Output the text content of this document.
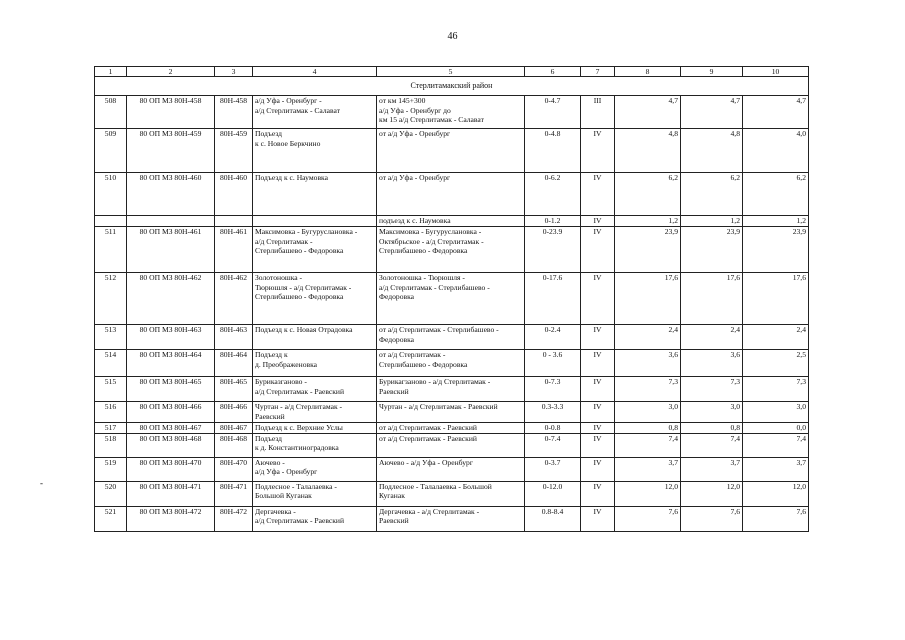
46
-
1	2	3	4	5	6	7	8	9	10
Стерлитамакский район									
508	80 ОП МЗ 80Н-458	80Н-458	а/д Уфа - Оренбург -
а/д Стерлитамак - Салават	от км 145+300
а/д Уфа - Оренбург до
км 15 а/д Стерлитамак - Салават	0-4.7	III	4,7	4,7	4,7
509	80 ОП МЗ 80Н-459	80Н-459	Подъезд
к с. Новое Беркчино	от а/д Уфа - Оренбург	0-4.8	IV	4,8	4,8	4,0
510	80 ОП МЗ 80Н-460	80Н-460	Подъезд к с. Наумовка	от а/д Уфа - Оренбург	0-6.2	IV	6,2	6,2	6,2
				подъезд к с. Наумовка	0-1.2	IV	1,2	1,2	1,2
511	80 ОП МЗ 80Н-461	80Н-461	Максимовка - Бугуруслановка -
а/д Стерлитамак -
Стерлибашево - Федоровка	Максимовка - Бугуруслановка -
Октябрьское - а/д Стерлитамак -
Стерлибашево - Федоровка	0-23.9	IV	23,9	23,9	23,9
512	80 ОП МЗ 80Н-462	80Н-462	Золотоношка -
Тюрюшля - а/д Стерлитамак -
Стерлибашево - Федоровка	Золотоношка - Тюрюшля -
а/д Стерлитамак - Стерлибашево -
Федоровка	0-17.6	IV	17,6	17,6	17,6
513	80 ОП МЗ 80Н-463	80Н-463	Подъезд к с. Новая Отрадовка	от а/д Стерлитамак - Стерлибашево -
Федоровка	0-2.4	IV	2,4	2,4	2,4
514	80 ОП МЗ 80Н-464	80Н-464	Подъезд к
д. Преображеновка	от а/д Стерлитамак -
Стерлибашево - Федоровка	0 - 3.6	IV	3,6	3,6	2,5
515	80 ОП МЗ 80Н-465	80Н-465	Буриказганово -
а/д Стерлитамак - Раевский	Бурикагзаново - а/д Стерлитамак -
Раевский	0-7.3	IV	7,3	7,3	7,3
516	80 ОП МЗ 80Н-466	80Н-466	Чуртан - а/д Стерлитамак -
Раевский	Чуртан - а/д Стерлитамак - Раевский	0.3-3.3	IV	3,0	3,0	3,0
517	80 ОП МЗ 80Н-467	80Н-467	Подъезд к с. Верхние Услы	от а/д Стерлитамак - Раевский	0-0.8	IV	0,8	0,8	0,0
518	80 ОП МЗ 80Н-468	80Н-468	Подъезд
к д. Константиноградовка	от а/д Стерлитамак - Раевский	0-7.4	IV	7,4	7,4	7,4
519	80 ОП МЗ 80Н-470	80Н-470	Аючево -
а/д Уфа - Оренбург	Аючево - а/д Уфа - Оренбург	0-3.7	IV	3,7	3,7	3,7
520	80 ОП МЗ 80Н-471	80Н-471	Подлесное - Талалаевка -
Большой Куганак	Подлесное - Талалаевка - Большой
Куганак	0-12.0	IV	12,0	12,0	12,0
521	80 ОП МЗ 80Н-472	80Н-472	Дергачевка -
а/д Стерлитамак - Раевский	Дергачевка - а/д Стерлитамак -
Раевский	0.8-8.4	IV	7,6	7,6	7,6
